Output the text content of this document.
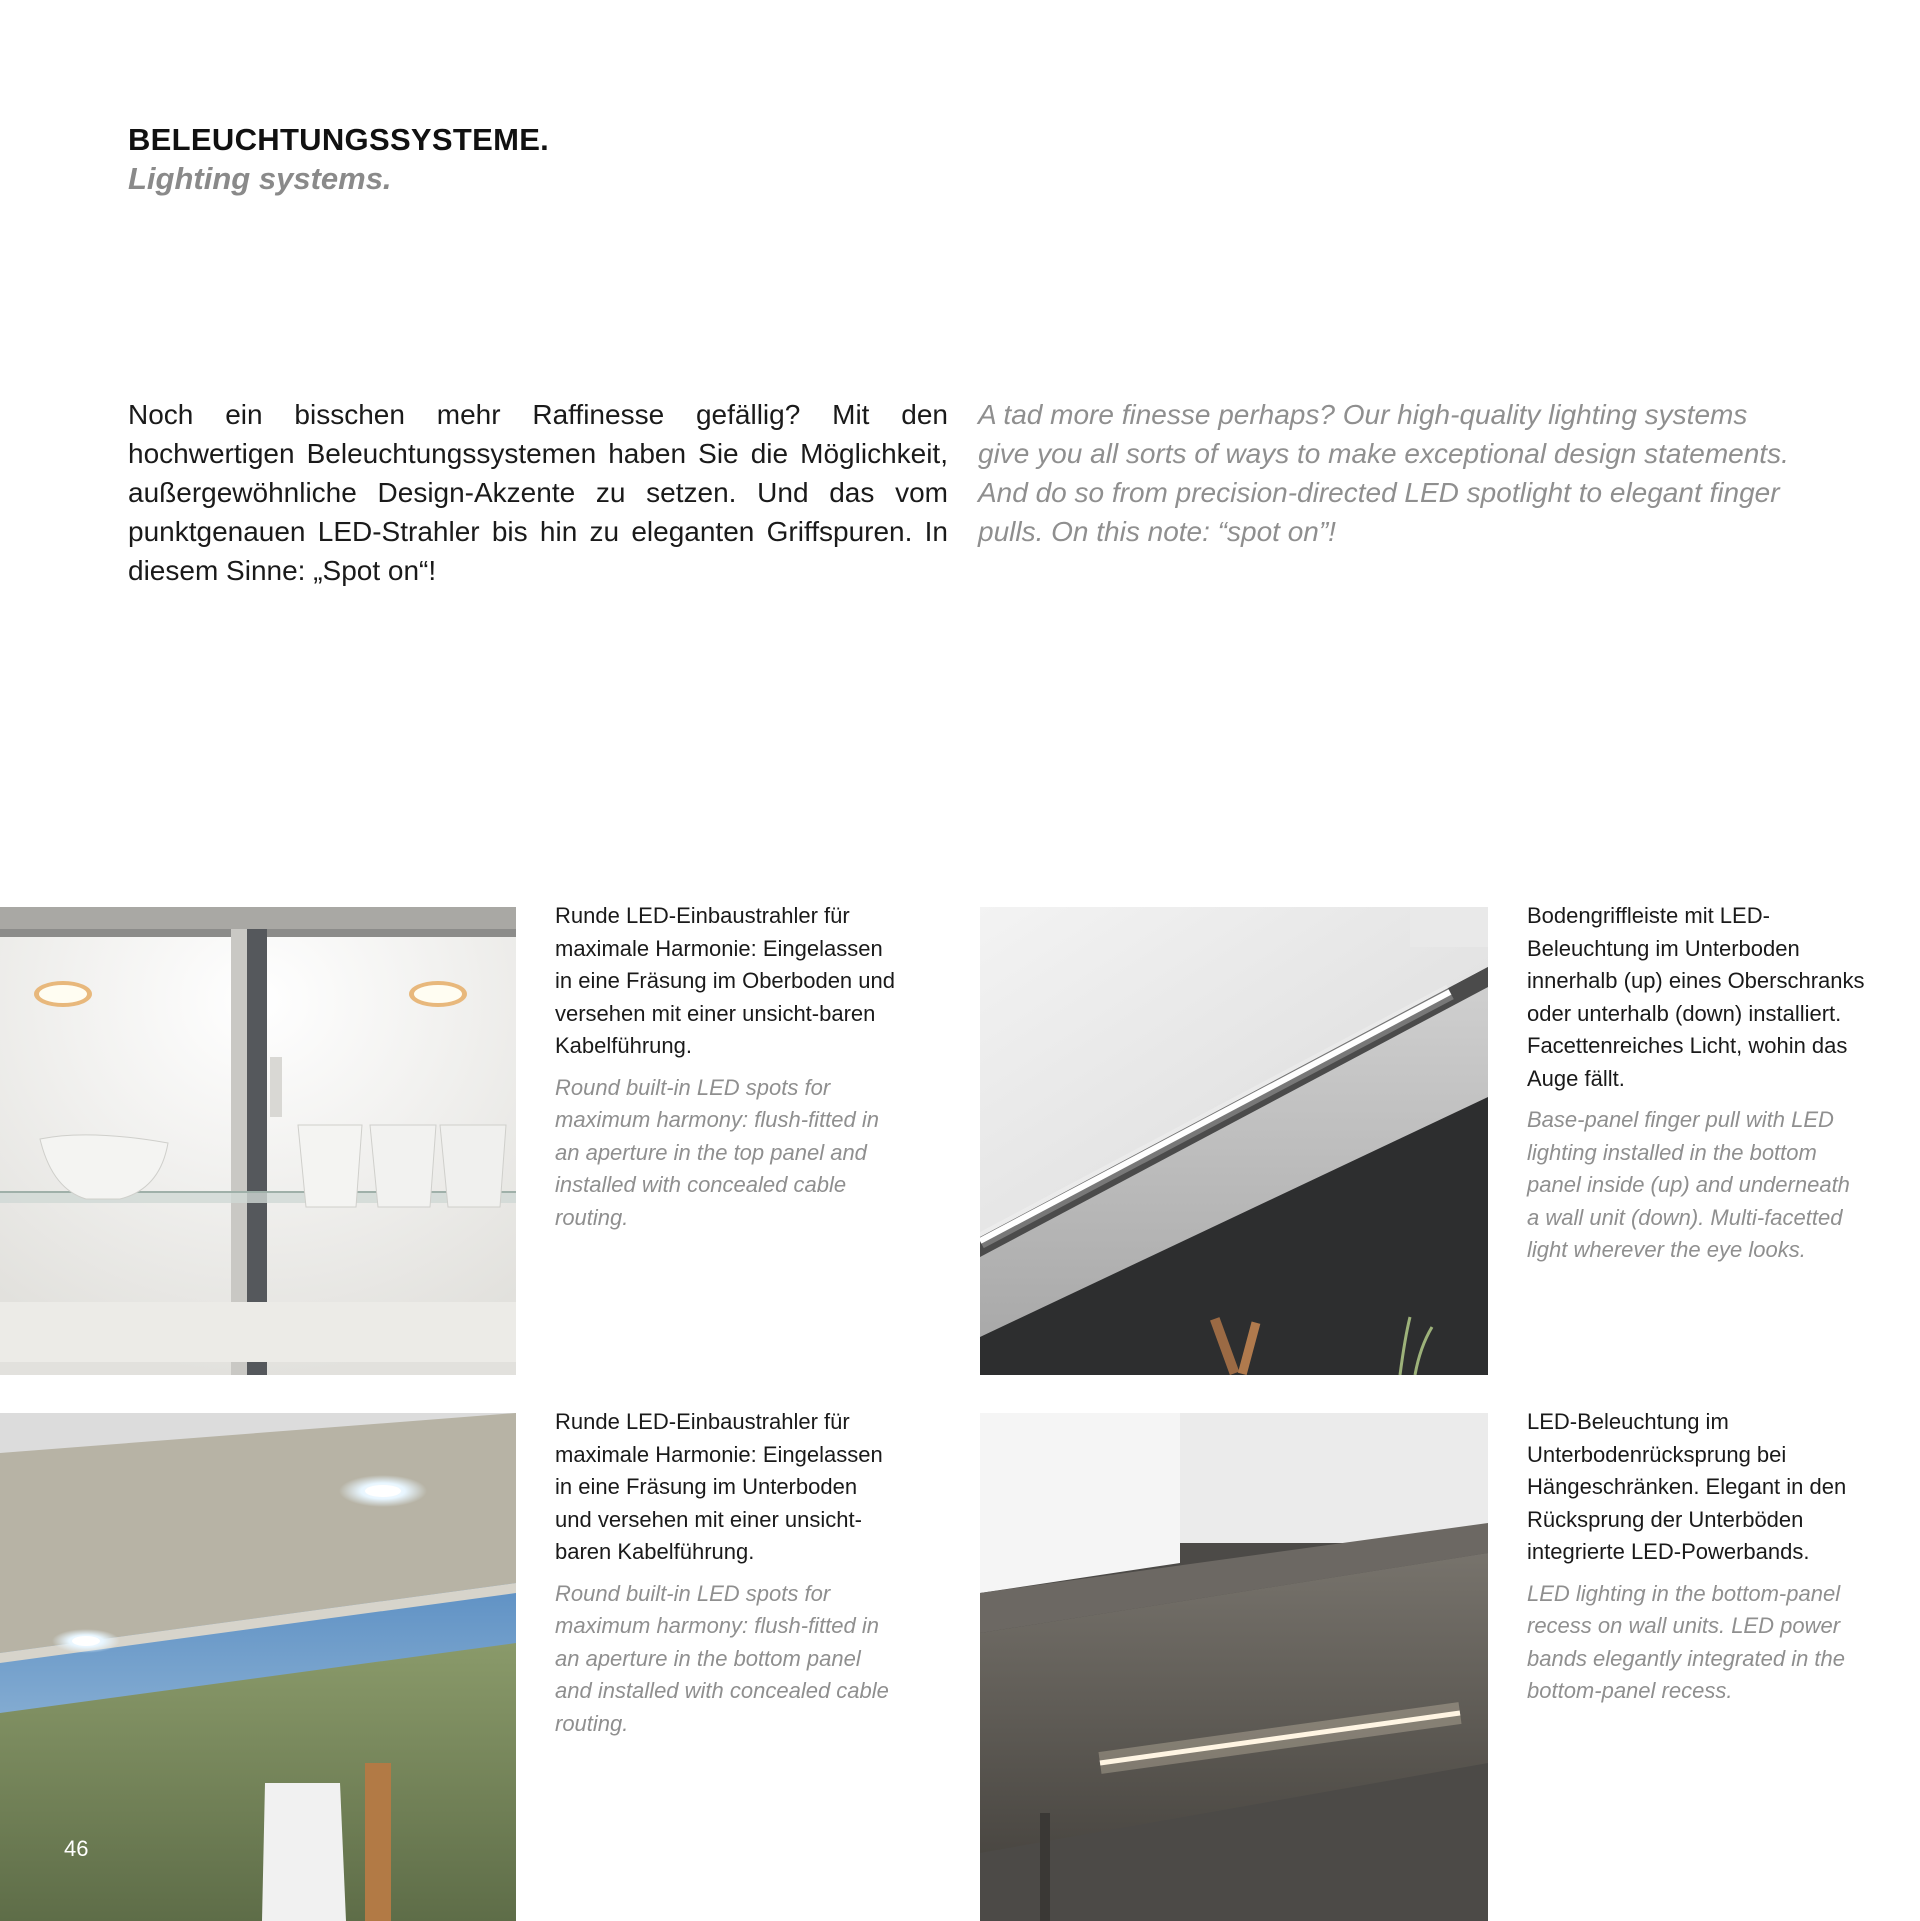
BELEUCHTUNGSSYSTEME.
Lighting systems.
Noch ein bisschen mehr Raffinesse gefällig? Mit den hochwertigen Beleuchtungssystemen haben Sie die Möglichkeit, außergewöhnliche Design-Akzente zu setzen. Und das vom punktgenauen LED-Strahler bis hin zu eleganten Griffspuren. In diesem Sinne: „Spot on“!
A tad more finesse perhaps? Our high-quality lighting systems give you all sorts of ways to make exceptional design statements. And do so from precision-directed LED spotlight to elegant finger pulls. On this note: “spot on”!
Runde LED-Einbaustrahler für maximale Harmonie: Eingelassen in eine Fräsung im Oberboden und versehen mit einer unsicht-baren Kabelführung.
Round built-in LED spots for maximum harmony: flush-fitted in an aperture in the top panel and installed with concealed cable routing.
Bodengriffleiste mit LED-Beleuchtung im Unterboden innerhalb (up) eines Oberschranks oder unterhalb (down) installiert. Facettenreiches Licht, wohin das Auge fällt.
Base-panel finger pull with LED lighting installed in the bottom panel inside (up) and underneath a wall unit (down). Multi-facetted light wherever the eye looks.
Runde LED-Einbaustrahler für maximale Harmonie: Eingelassen in eine Fräsung im Unterboden und versehen mit einer unsicht-baren Kabelführung.
Round built-in LED spots for maximum harmony: flush-fitted in an aperture in the bottom panel and installed with concealed cable routing.
LED-Beleuchtung im Unterbodenrücksprung bei Hängeschränken. Elegant in den Rücksprung der Unterböden integrierte LED-Powerbands.
LED lighting in the bottom-panel recess on wall units. LED power bands elegantly integrated in the bottom-panel recess.
46
